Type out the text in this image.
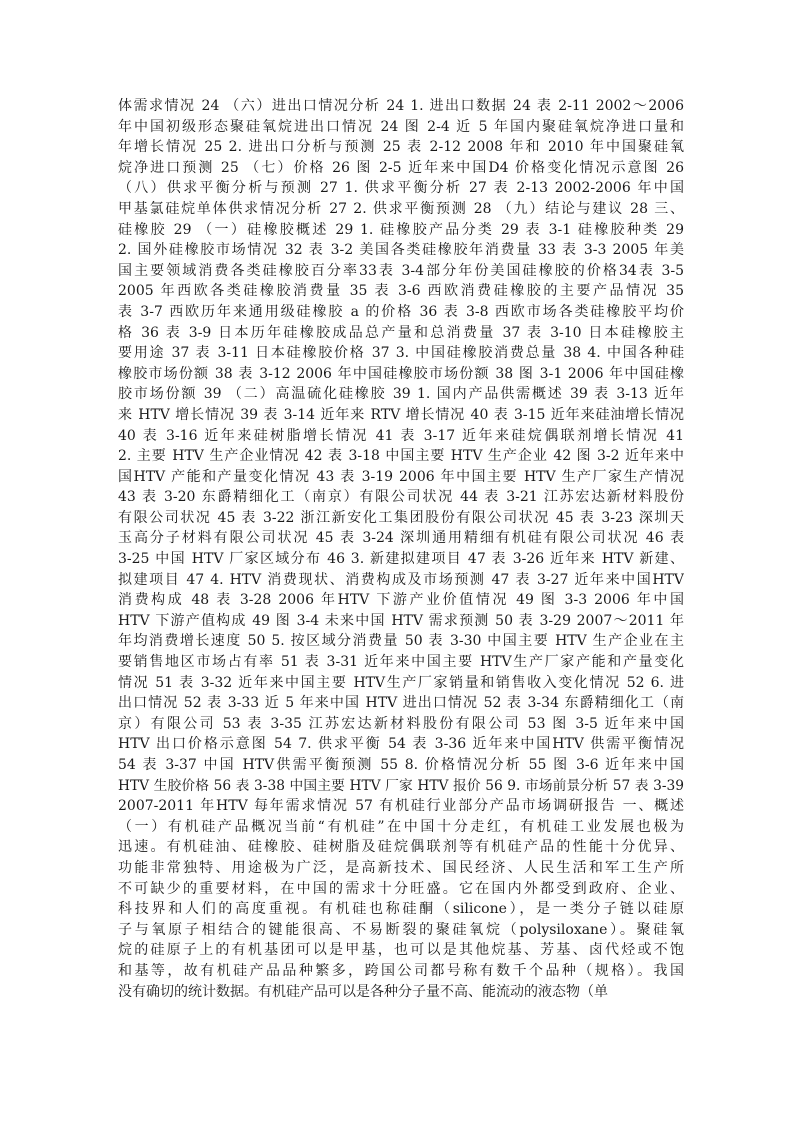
体需求情况 24 （六）进出口情况分析 24 1. 进出口数据 24 表 2-11 2002～2006
年中国初级形态聚硅氧烷进出口情况 24 图 2-4 近 5 年国内聚硅氧烷净进口量和
年增长情况 25 2. 进出口分析与预测 25 表 2-12 2008 年和 2010 年中国聚硅氧
烷净进口预测 25 （七）价格 26 图 2-5 近年来中国D4 价格变化情况示意图 26
（八）供求平衡分析与预测 27 1. 供求平衡分析 27 表 2-13 2002-2006 年中国
甲基氯硅烷单体供求情况分析 27 2. 供求平衡预测 28 （九）结论与建议 28 三、
硅橡胶 29 （一）硅橡胶概述 29 1. 硅橡胶产品分类 29 表 3-1 硅橡胶种类 29
2. 国外硅橡胶市场情况 32 表 3-2 美国各类硅橡胶年消费量 33 表 3-3 2005 年美
国主要领域消费各类硅橡胶百分率33表 3-4部分年份美国硅橡胶的价格34表 3-5
2005 年西欧各类硅橡胶消费量 35 表 3-6 西欧消费硅橡胶的主要产品情况 35
表 3-7 西欧历年来通用级硅橡胶 a 的价格 36 表 3-8 西欧市场各类硅橡胶平均价
格 36 表 3-9 日本历年硅橡胶成品总产量和总消费量 37 表 3-10 日本硅橡胶主
要用途 37 表 3-11 日本硅橡胶价格 37 3. 中国硅橡胶消费总量 38 4. 中国各种硅
橡胶市场份额 38 表 3-12 2006 年中国硅橡胶市场份额 38 图 3-1 2006 年中国硅橡
胶市场份额 39 （二）高温硫化硅橡胶 39 1. 国内产品供需概述 39 表 3-13 近年
来 HTV 增长情况 39 表 3-14 近年来 RTV 增长情况 40 表 3-15 近年来硅油增长情况
40 表 3-16 近年来硅树脂增长情况 41 表 3-17 近年来硅烷偶联剂增长情况 41
2. 主要 HTV 生产企业情况 42 表 3-18 中国主要 HTV 生产企业 42 图 3-2 近年来中
国HTV 产能和产量变化情况 43 表 3-19 2006 年中国主要 HTV 生产厂家生产情况
43 表 3-20 东爵精细化工（南京）有限公司状况 44 表 3-21 江苏宏达新材料股份
有限公司状况 45 表 3-22 浙江新安化工集团股份有限公司状况 45 表 3-23 深圳天
玉高分子材料有限公司状况 45 表 3-24 深圳通用精细有机硅有限公司状况 46 表
3-25 中国 HTV 厂家区域分布 46 3. 新建拟建项目 47 表 3-26 近年来 HTV 新建、
拟建项目 47 4. HTV 消费现状、消费构成及市场预测 47 表 3-27 近年来中国HTV
消费构成 48 表 3-28 2006 年HTV 下游产业价值情况 49 图 3-3 2006 年中国
HTV 下游产值构成 49 图 3-4 未来中国 HTV 需求预测 50 表 3-29 2007～2011 年
年均消费增长速度 50 5. 按区域分消费量 50 表 3-30 中国主要 HTV 生产企业在主
要销售地区市场占有率 51 表 3-31 近年来中国主要 HTV生产厂家产能和产量变化
情况 51 表 3-32 近年来中国主要 HTV生产厂家销量和销售收入变化情况 52 6. 进
出口情况 52 表 3-33 近 5 年来中国 HTV 进出口情况 52 表 3-34 东爵精细化工（南
京）有限公司 53 表 3-35 江苏宏达新材料股份有限公司 53 图 3-5 近年来中国
HTV 出口价格示意图 54 7. 供求平衡 54 表 3-36 近年来中国HTV 供需平衡情况
54 表 3-37 中国 HTV供需平衡预测 55 8. 价格情况分析 55 图 3-6 近年来中国
HTV 生胶价格 56 表 3-38 中国主要 HTV 厂家 HTV 报价 56 9. 市场前景分析 57 表 3-39
2007-2011 年HTV 每年需求情况 57 有机硅行业部分产品市场调研报告 一、概述
（一）有机硅产品概况当前“有机硅”在中国十分走红，有机硅工业发展也极为
迅速。有机硅油、硅橡胶、硅树脂及硅烷偶联剂等有机硅产品的性能十分优异、
功能非常独特、用途极为广泛，是高新技术、国民经济、人民生活和军工生产所
不可缺少的重要材料，在中国的需求十分旺盛。它在国内外都受到政府、企业、
科技界和人们的高度重视。有机硅也称硅酮（silicone），是一类分子链以硅原
子与氧原子相结合的键能很高、不易断裂的聚硅氧烷（polysiloxane）。聚硅氧
烷的硅原子上的有机基团可以是甲基，也可以是其他烷基、芳基、卤代烃或不饱
和基等，故有机硅产品品种繁多，跨国公司都号称有数千个品种（规格）。我国
没有确切的统计数据。有机硅产品可以是各种分子量不高、能流动的液态物（单
